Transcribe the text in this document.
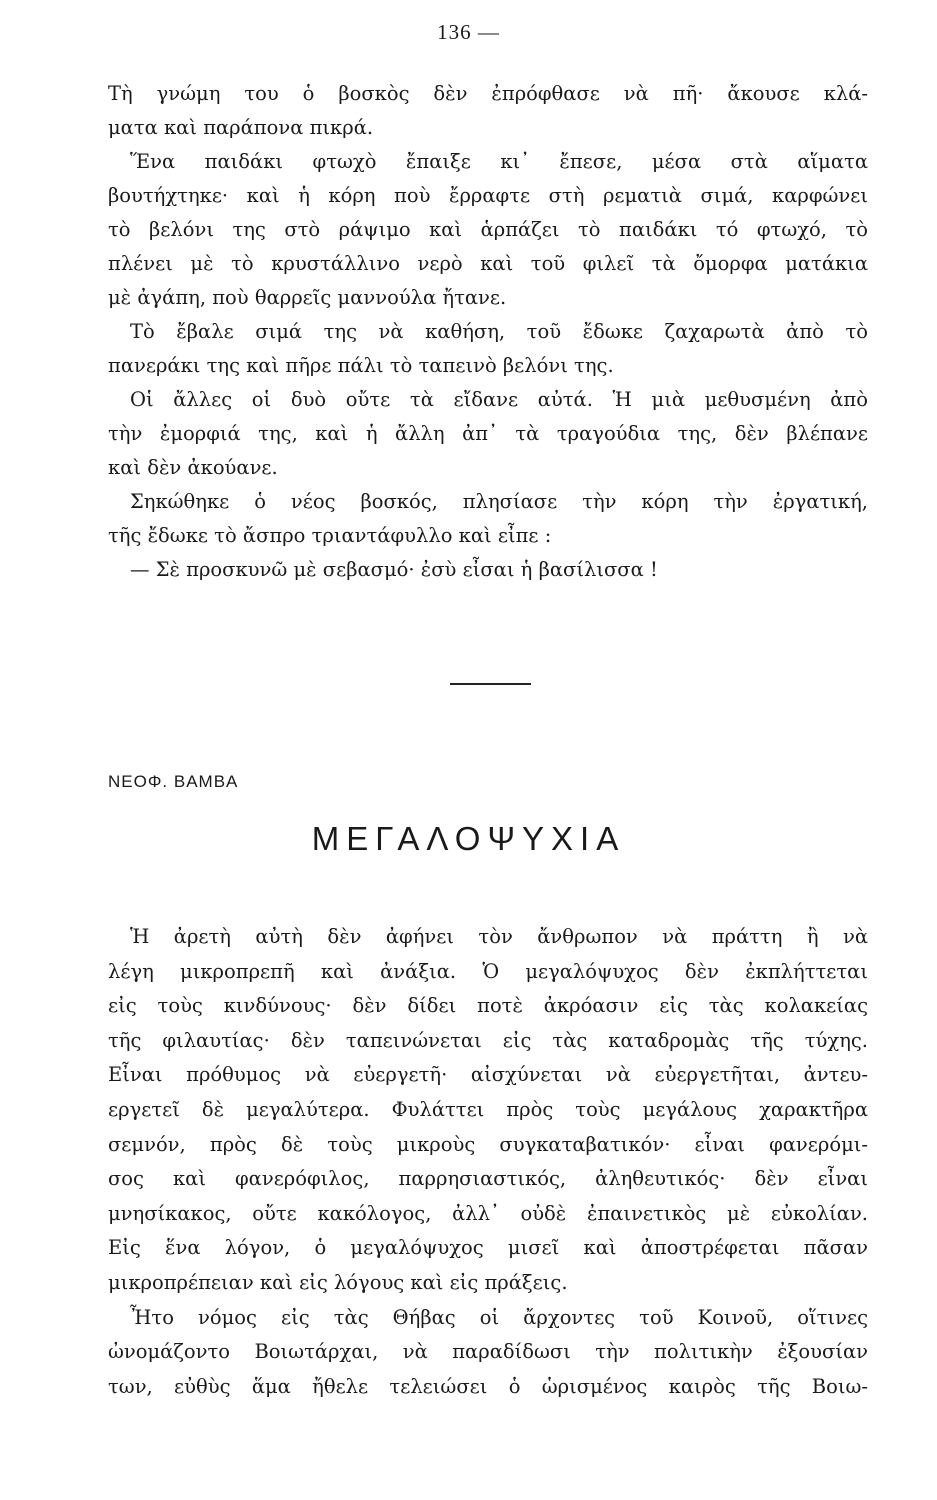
136 —
Τὴ γνώμη του ὁ βοσκὸς δὲν ἐπρόφθασε νὰ πῆ· ἄκουσε κλά-
ματα καὶ παράπονα πικρά.
Ἕνα παιδάκι φτωχὸ ἔπαιξε κι᾿ ἔπεσε, μέσα στὰ αἵματα
βουτήχτηκε· καὶ ἡ κόρη ποὺ ἔρραφτε στὴ ρεματιὰ σιμά, καρφώνει
τὸ βελόνι της στὸ ράψιμο καὶ ἁρπάζει τὸ παιδάκι τό φτωχό, τὸ
πλένει μὲ τὸ κρυστάλλινο νερὸ καὶ τοῦ φιλεῖ τὰ ὄμορφα ματάκια
μὲ ἀγάπη, ποὺ θαρρεῖς μαννούλα ἤτανε.
Τὸ ἔβαλε σιμά της νὰ καθήση, τοῦ ἔδωκε ζαχαρωτὰ ἀπὸ τὸ
πανεράκι της καὶ πῆρε πάλι τὸ ταπεινὸ βελόνι της.
Οἱ ἄλλες οἱ δυὸ οὔτε τὰ εἴδανε αὐτά. Ἡ μιὰ μεθυσμένη ἀπὸ
τὴν ἐμορφιά της, καὶ ἡ ἄλλη ἀπ᾿ τὰ τραγούδια της, δὲν βλέπανε
καὶ δὲν ἀκούανε.
Σηκώθηκε ὁ νέος βοσκός, πλησίασε τὴν κόρη τὴν ἐργατική,
τῆς ἔδωκε τὸ ἄσπρο τριαντάφυλλο καὶ εἶπε :
— Σὲ προσκυνῶ μὲ σεβασμό· ἐσὺ εἶσαι ἡ βασίλισσα !
ΝΕΟΦ. ΒΑΜΒΑ
ΜΕΓΑΛΟΨΥΧΙΑ
Ἡ ἀρετὴ αὐτὴ δὲν ἀφήνει τὸν ἄνθρωπον νὰ πράττη ἢ νὰ
λέγη μικροπρεπῆ καὶ ἀνάξια. Ὁ μεγαλόψυχος δὲν ἐκπλήττεται
εἰς τοὺς κινδύνους· δὲν δίδει ποτὲ ἀκρόασιν εἰς τὰς κολακείας
τῆς φιλαυτίας· δὲν ταπεινώνεται εἰς τὰς καταδρομὰς τῆς τύχης.
Εἶναι πρόθυμος νὰ εὐεργετῆ· αἰσχύνεται νὰ εὐεργετῆται, ἀντευ-
εργετεῖ δὲ μεγαλύτερα. Φυλάττει πρὸς τοὺς μεγάλους χαρακτῆρα
σεμνόν, πρὸς δὲ τοὺς μικροὺς συγκαταβατικόν· εἶναι φανερόμι-
σος καὶ φανερόφιλος, παρρησιαστικός, ἀληθευτικός· δὲν εἶναι
μνησίκακος, οὔτε κακόλογος, ἀλλ᾿ οὐδὲ ἐπαινετικὸς μὲ εὐκολίαν.
Εἰς ἕνα λόγον, ὁ μεγαλόψυχος μισεῖ καὶ ἀποστρέφεται πᾶσαν
μικροπρέπειαν καὶ εἰς λόγους καὶ εἰς πράξεις.
Ἦτο νόμος εἰς τὰς Θήβας οἱ ἄρχοντες τοῦ Κοινοῦ, οἵτινες
ὠνομάζοντο Βοιωτάρχαι, νὰ παραδίδωσι τὴν πολιτικὴν ἐξουσίαν
των, εὐθὺς ἅμα ἤθελε τελειώσει ὁ ὡρισμένος καιρὸς τῆς Βοιω-
